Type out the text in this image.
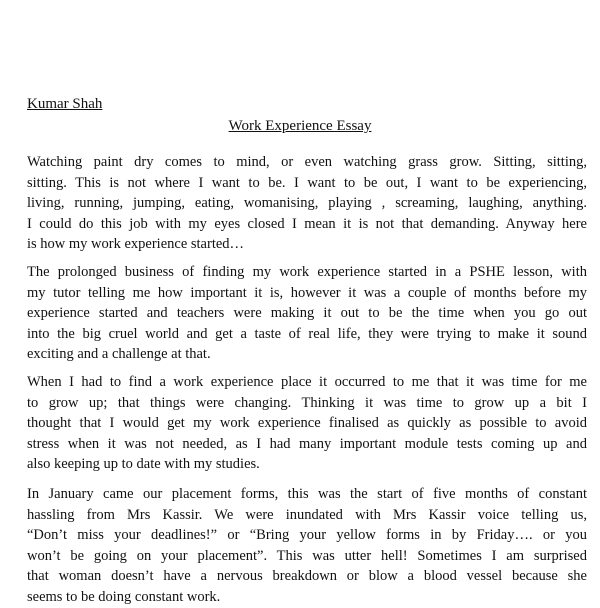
Kumar Shah
Work Experience Essay
Watching paint dry comes to mind, or even watching grass grow. Sitting, sitting,
sitting. This is not where I want to be. I want to be out, I want to be experiencing,
living, running, jumping, eating, womanising, playing , screaming, laughing, anything.
I could do this job with my eyes closed I mean it is not that demanding. Anyway here
is how my work experience started…
The prolonged business of finding my work experience started in a PSHE lesson, with
my tutor telling me how important it is, however it was a couple of months before my
experience started and teachers were making it out to be the time when you go out
into the big cruel world and get a taste of real life, they were trying to make it sound
exciting and a challenge at that.
When I had to find a work experience place it occurred to me that it was time for me
to grow up; that things were changing. Thinking it was time to grow up a bit I
thought that I would get my work experience finalised as quickly as possible to avoid
stress when it was not needed, as I had many important module tests coming up and
also keeping up to date with my studies.
In January came our placement forms, this was the start of five months of constant
hassling from Mrs Kassir. We were inundated with Mrs Kassir voice telling us,
“Don’t miss your deadlines!” or “Bring your yellow forms in by Friday…. or you
won’t be going on your placement”. This was utter hell! Sometimes I am surprised
that woman doesn’t have a nervous breakdown or blow a blood vessel because she
seems to be doing constant work.
